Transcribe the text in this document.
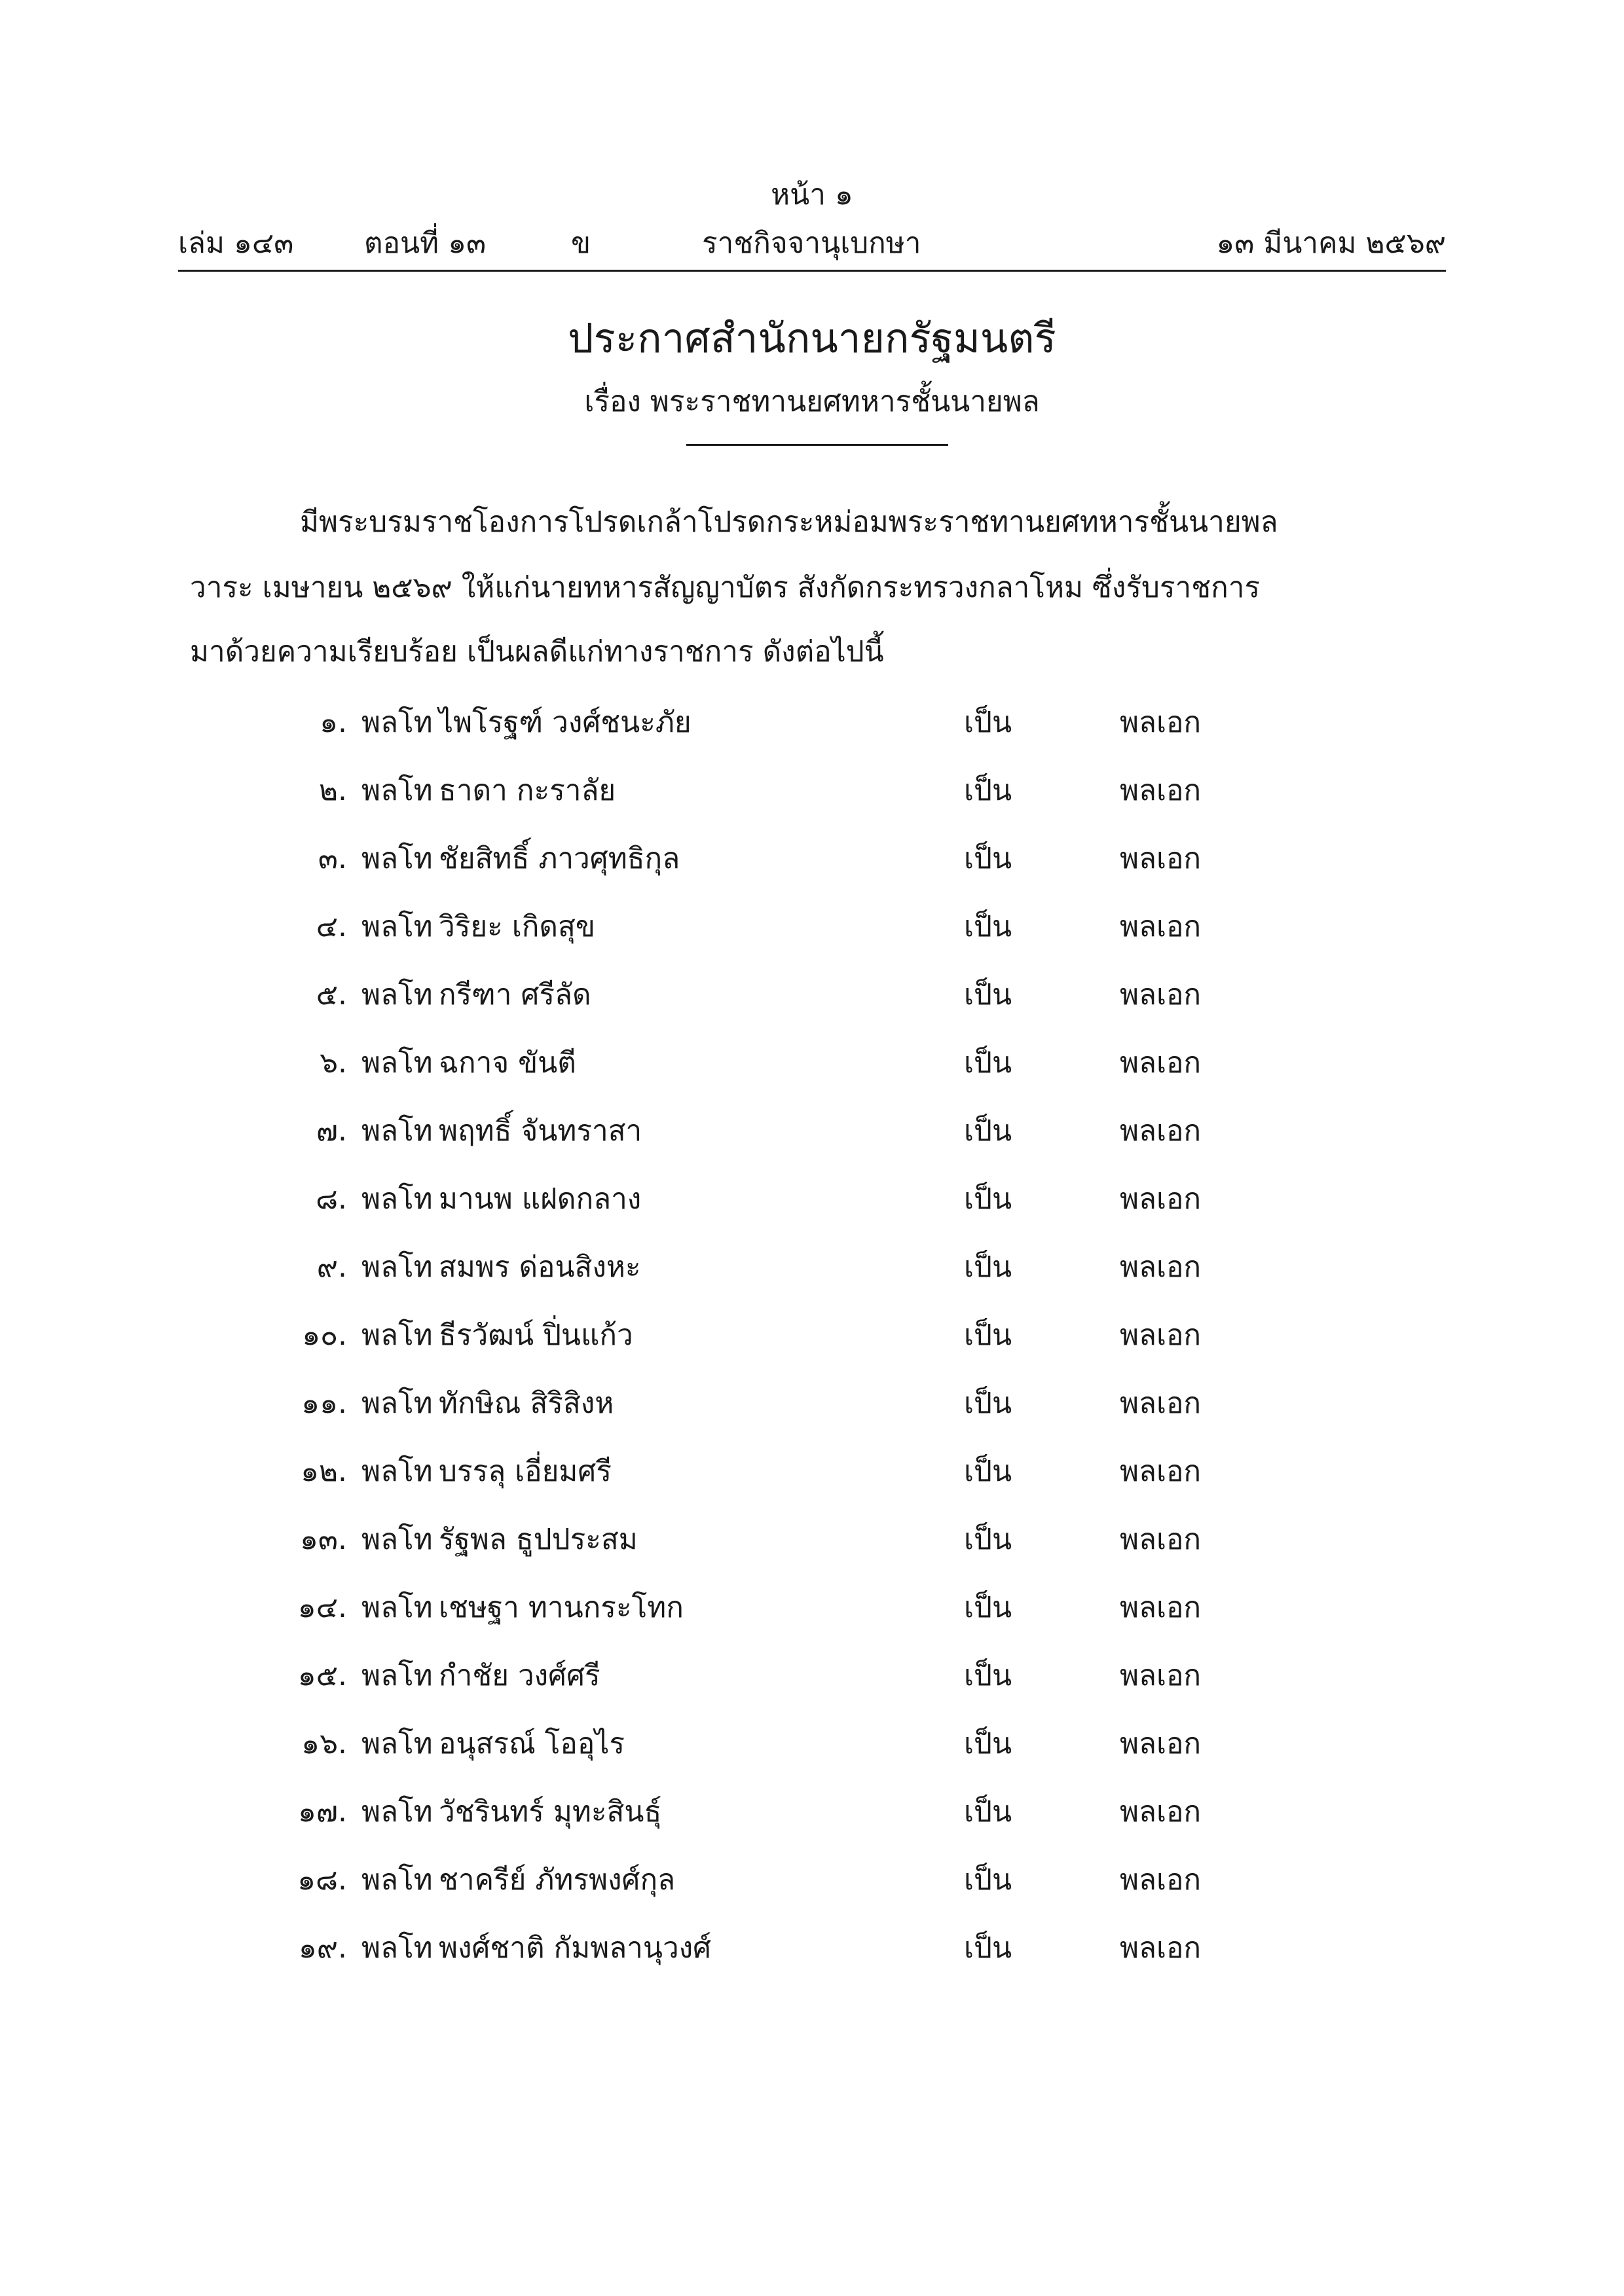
หน้า ๑
เล่ม ๑๔๓ ตอนที่ ๑๓	ข	ราชกิจจานุเบกษา	๑๓ มีนาคม ๒๕๖๙
ประกาศสำนักนายกรัฐมนตรี
เรื่อง พระราชทานยศทหารชั้นนายพล
มีพระบรมราชโองการโปรดเกล้าโปรดกระหม่อมพระราชทานยศทหารชั้นนายพล
วาระ เมษายน ๒๕๖๙ ให้แก่นายทหารสัญญาบัตร สังกัดกระทรวงกลาโหม ซึ่งรับราชการ
มาด้วยความเรียบร้อย เป็นผลดีแก่ทางราชการ ดังต่อไปนี้
๑. พลโท ไพโรฐฑ์ วงศ์ชนะภัย	เป็น	พลเอก
๒. พลโท ธาดา กะราลัย	เป็น	พลเอก
๓. พลโท ชัยสิทธิ์ ภาวศุทธิกุล	เป็น	พลเอก
๔. พลโท วิริยะ เกิดสุข	เป็น	พลเอก
๕. พลโท กรีฑา ศรีลัด	เป็น	พลเอก
๖. พลโท ฉกาจ ขันตี	เป็น	พลเอก
๗. พลโท พฤทธิ์ จันทราสา	เป็น	พลเอก
๘. พลโท มานพ แฝดกลาง	เป็น	พลเอก
๙. พลโท สมพร ด่อนสิงหะ	เป็น	พลเอก
๑๐. พลโท ธีรวัฒน์ ปิ่นแก้ว	เป็น	พลเอก
๑๑. พลโท ทักษิณ สิริสิงห	เป็น	พลเอก
๑๒. พลโท บรรลุ เอี่ยมศรี	เป็น	พลเอก
๑๓. พลโท รัฐพล ธูปประสม	เป็น	พลเอก
๑๔. พลโท เชษฐา ทานกระโทก	เป็น	พลเอก
๑๕. พลโท กำชัย วงศ์ศรี	เป็น	พลเอก
๑๖. พลโท อนุสรณ์ โออุไร	เป็น	พลเอก
๑๗. พลโท วัชรินทร์ มุทะสินธุ์	เป็น	พลเอก
๑๘. พลโท ชาครีย์ ภัทรพงศ์กุล	เป็น	พลเอก
๑๙. พลโท พงศ์ชาติ กัมพลานุวงศ์	เป็น	พลเอก
